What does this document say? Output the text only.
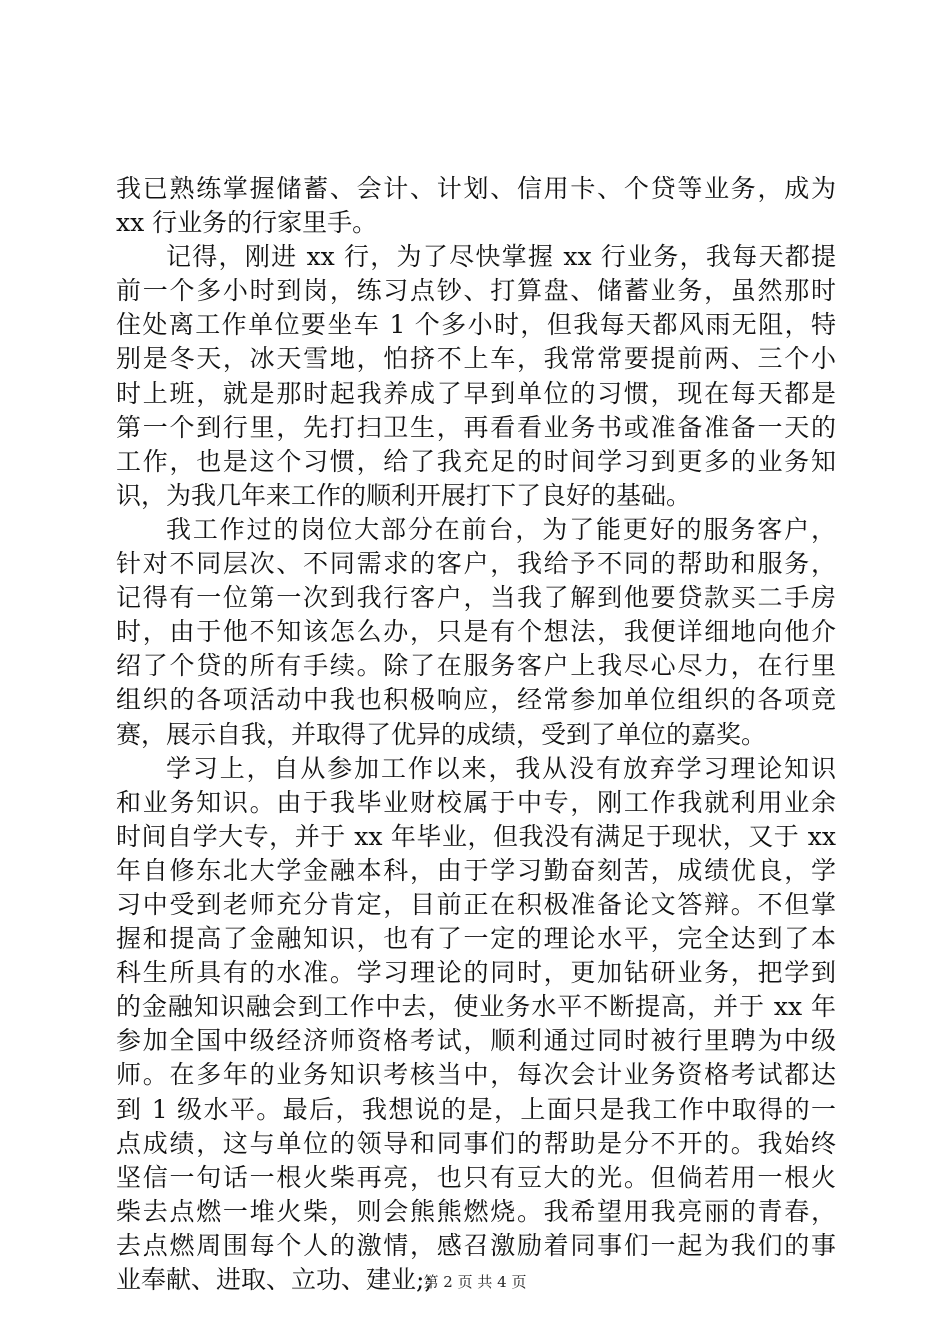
我已熟练掌握储蓄、会计、计划、信用卡、个贷等业务，成为
xx 行业务的行家里手。
记得，刚进 xx 行，为了尽快掌握 xx 行业务，我每天都提
前一个多小时到岗，练习点钞、打算盘、储蓄业务，虽然那时
住处离工作单位要坐车 1 个多小时，但我每天都风雨无阻，特
别是冬天，冰天雪地，怕挤不上车，我常常要提前两、三个小
时上班，就是那时起我养成了早到单位的习惯，现在每天都是
第一个到行里，先打扫卫生，再看看业务书或准备准备一天的
工作，也是这个习惯，给了我充足的时间学习到更多的业务知
识，为我几年来工作的顺利开展打下了良好的基础。
我工作过的岗位大部分在前台，为了能更好的服务客户，
针对不同层次、不同需求的客户，我给予不同的帮助和服务，
记得有一位第一次到我行客户，当我了解到他要贷款买二手房
时，由于他不知该怎么办，只是有个想法，我便详细地向他介
绍了个贷的所有手续。除了在服务客户上我尽心尽力，在行里
组织的各项活动中我也积极响应，经常参加单位组织的各项竞
赛，展示自我，并取得了优异的成绩，受到了单位的嘉奖。
学习上，自从参加工作以来，我从没有放弃学习理论知识
和业务知识。由于我毕业财校属于中专，刚工作我就利用业余
时间自学大专，并于 xx 年毕业，但我没有满足于现状，又于 xx
年自修东北大学金融本科，由于学习勤奋刻苦，成绩优良，学
习中受到老师充分肯定，目前正在积极准备论文答辩。不但掌
握和提高了金融知识，也有了一定的理论水平，完全达到了本
科生所具有的水准。学习理论的同时，更加钻研业务，把学到
的金融知识融会到工作中去，使业务水平不断提高，并于 xx 年
参加全国中级经济师资格考试，顺利通过同时被行里聘为中级
师。在多年的业务知识考核当中，每次会计业务资格考试都达
到 1 级水平。最后，我想说的是，上面只是我工作中取得的一
点成绩，这与单位的领导和同事们的帮助是分不开的。我始终
坚信一句话一根火柴再亮，也只有豆大的光。但倘若用一根火
柴去点燃一堆火柴，则会熊熊燃烧。我希望用我亮丽的青春，
去点燃周围每个人的激情，感召激励着同事们一起为我们的事
业奉献、进取、立功、建业;;
第 2 页 共 4 页
